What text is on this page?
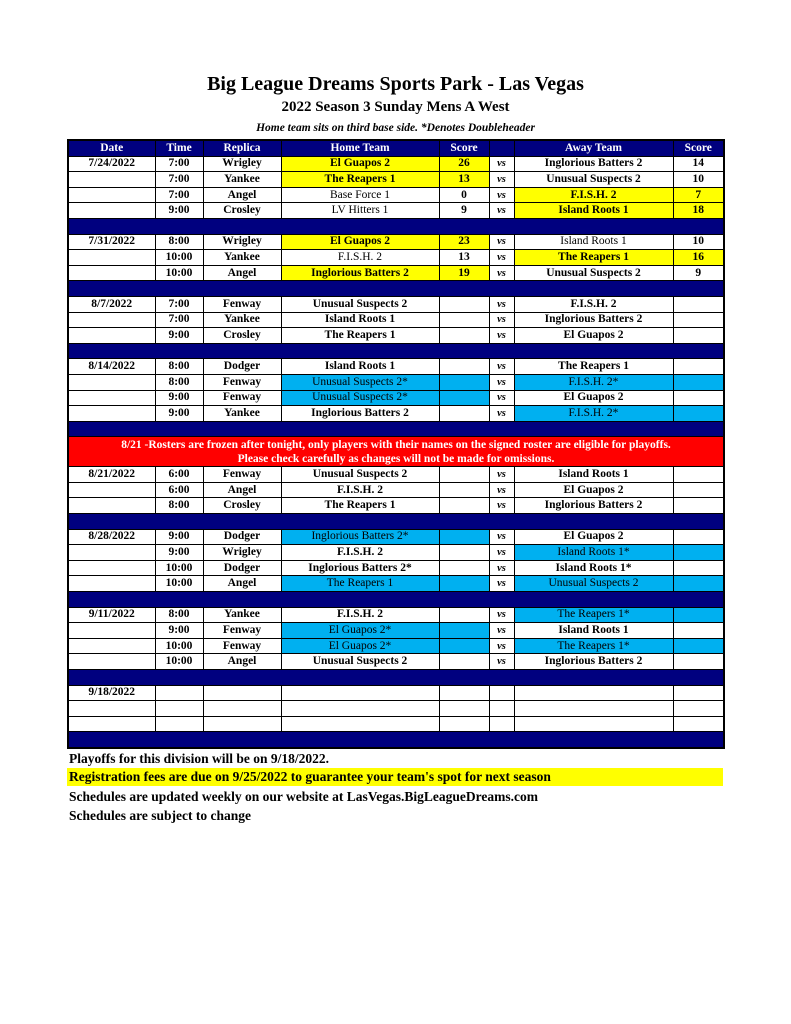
Big League Dreams Sports Park - Las Vegas
2022 Season 3 Sunday Mens A West
Home team sits on third base side. *Denotes Doubleheader
Date	Time	Replica	Home Team	Score		Away Team	Score
7/24/2022	7:00	Wrigley	El Guapos 2	26	vs	Inglorious Batters 2	14
	7:00	Yankee	The Reapers 1	13	vs	Unusual Suspects 2	10
	7:00	Angel	Base Force 1	0	vs	F.I.S.H. 2	7
	9:00	Crosley	LV Hitters 1	9	vs	Island Roots 1	18

7/31/2022	8:00	Wrigley	El Guapos 2	23	vs	Island Roots 1	10
	10:00	Yankee	F.I.S.H. 2	13	vs	The Reapers 1	16
	10:00	Angel	Inglorious Batters 2	19	vs	Unusual Suspects 2	9

8/7/2022	7:00	Fenway	Unusual Suspects 2		vs	F.I.S.H. 2	
	7:00	Yankee	Island Roots 1		vs	Inglorious Batters 2	
	9:00	Crosley	The Reapers 1		vs	El Guapos 2	

8/14/2022	8:00	Dodger	Island Roots 1		vs	The Reapers 1	
	8:00	Fenway	Unusual Suspects 2*		vs	F.I.S.H. 2*	
	9:00	Fenway	Unusual Suspects 2*		vs	El Guapos 2	
	9:00	Yankee	Inglorious Batters 2		vs	F.I.S.H. 2*	

8/21 -Rosters are frozen after tonight, only players with their names on the signed roster are eligible for playoffs.
Please check carefully as changes will not be made for omissions.							

8/21/2022	6:00	Fenway	Unusual Suspects 2		vs	Island Roots 1	
	6:00	Angel	F.I.S.H. 2		vs	El Guapos 2	
	8:00	Crosley	The Reapers 1		vs	Inglorious Batters 2	

8/28/2022	9:00	Dodger	Inglorious Batters 2*		vs	El Guapos 2	
	9:00	Wrigley	F.I.S.H. 2		vs	Island Roots 1*	
	10:00	Dodger	Inglorious Batters 2*		vs	Island Roots 1*	
	10:00	Angel	The Reapers 1		vs	Unusual Suspects 2	

9/11/2022	8:00	Yankee	F.I.S.H. 2		vs	The Reapers 1*	
	9:00	Fenway	El Guapos 2*		vs	Island Roots 1	
	10:00	Fenway	El Guapos 2*		vs	The Reapers 1*	
	10:00	Angel	Unusual Suspects 2		vs	Inglorious Batters 2	

9/18/2022							

Playoffs for this division will be on 9/18/2022.
Registration fees are due on 9/25/2022 to guarantee your team's spot for next season
Schedules are updated weekly on our website at LasVegas.BigLeagueDreams.com
Schedules are subject to change
